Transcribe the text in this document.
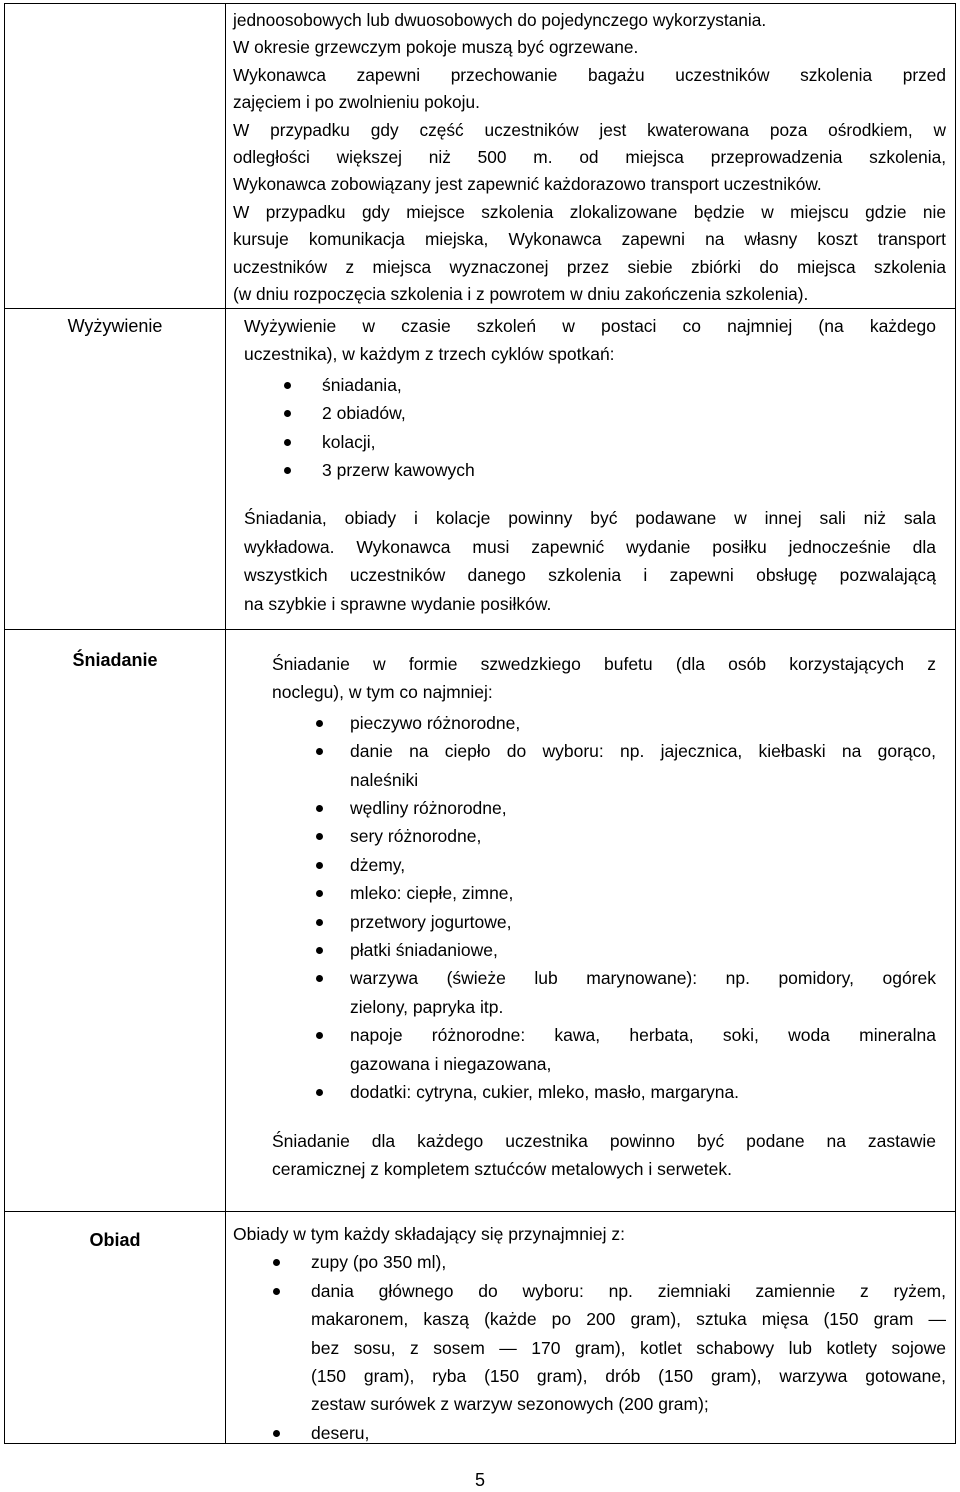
Wyżywienie
Śniadanie
Obiad
jednoosobowych lub dwuosobowych do pojedynczego wykorzystania.
W okresie grzewczym pokoje muszą być ogrzewane.
Wykonawca zapewni przechowanie bagażu uczestników szkolenia przed
zajęciem i po zwolnieniu pokoju.
W przypadku gdy część uczestników jest kwaterowana poza ośrodkiem, w
odległości większej niż 500 m. od miejsca przeprowadzenia szkolenia,
Wykonawca zobowiązany jest zapewnić każdorazowo transport uczestników.
W przypadku gdy miejsce szkolenia zlokalizowane będzie w miejscu gdzie nie
kursuje komunikacja miejska, Wykonawca zapewni na własny koszt transport
uczestników z miejsca wyznaczonej przez siebie zbiórki do miejsca szkolenia
(w dniu rozpoczęcia szkolenia i z powrotem w dniu zakończenia szkolenia).
Wyżywienie w czasie szkoleń w postaci co najmniej (na każdego
uczestnika), w każdym z trzech cyklów spotkań:
śniadania,
2 obiadów,
kolacji,
3 przerw kawowych
Śniadania, obiady i kolacje powinny być podawane w innej sali niż sala
wykładowa. Wykonawca musi zapewnić wydanie posiłku jednocześnie dla
wszystkich uczestników danego szkolenia i zapewni obsługę pozwalającą
na szybkie i sprawne wydanie posiłków.
Śniadanie w formie szwedzkiego bufetu (dla osób korzystających z
noclegu), w tym co najmniej:
pieczywo różnorodne,
danie na ciepło do wyboru: np. jajecznica, kiełbaski na gorąco,
naleśniki
wędliny różnorodne,
sery różnorodne,
dżemy,
mleko: ciepłe, zimne,
przetwory jogurtowe,
płatki śniadaniowe,
warzywa (świeże lub marynowane): np. pomidory, ogórek
zielony, papryka itp.
napoje różnorodne: kawa, herbata, soki, woda mineralna
gazowana i niegazowana,
dodatki: cytryna, cukier, mleko, masło, margaryna.
Śniadanie dla każdego uczestnika powinno być podane na zastawie
ceramicznej z kompletem sztućców metalowych i serwetek.
Obiady w tym każdy składający się przynajmniej z:
zupy (po 350 ml),
dania głównego do wyboru: np. ziemniaki zamiennie z ryżem,
makaronem, kaszą (każde po 200 gram), sztuka mięsa (150 gram —
bez sosu, z sosem — 170 gram), kotlet schabowy lub kotlety sojowe
(150 gram), ryba (150 gram), drób (150 gram), warzywa gotowane,
zestaw surówek z warzyw sezonowych (200 gram);
deseru,
5
